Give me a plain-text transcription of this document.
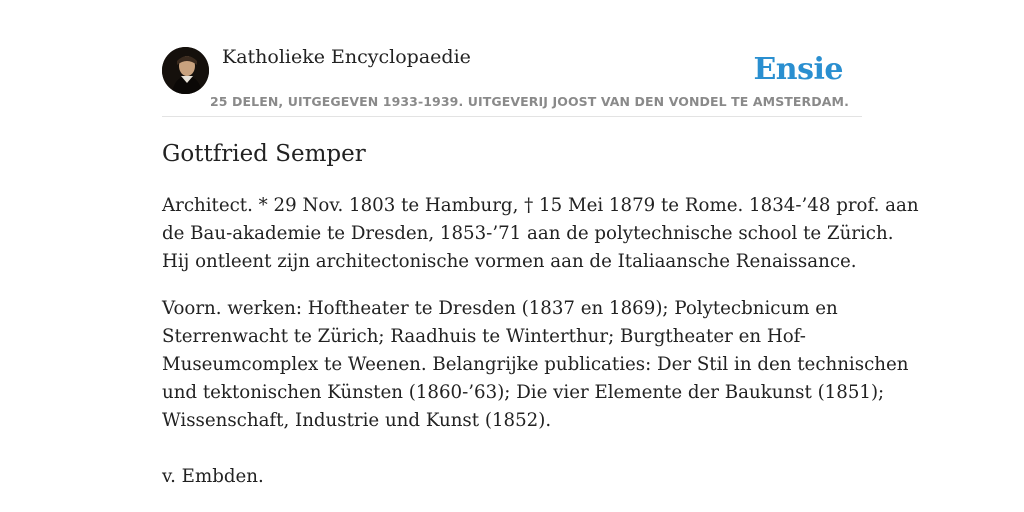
Katholieke Encyclopaedie	Ensie
25 DELEN, UITGEGEVEN 1933-1939. UITGEVERIJ JOOST VAN DEN VONDEL TE AMSTERDAM.
Gottfried Semper

Architect. * 29 Nov. 1803 te Hamburg, † 15 Mei 1879 te Rome. 1834-’48 prof. aan
de Bau-akademie te Dresden, 1853-’71 aan de polytechnische school te Zürich.
Hij ontleent zijn architectonische vormen aan de Italiaansche Renaissance.

Voorn. werken: Hoftheater te Dresden (1837 en 1869); Polytecbnicum en
Sterrenwacht te Zürich; Raadhuis te Winterthur; Burgtheater en Hof-
Museumcomplex te Weenen. Belangrijke publicaties: Der Stil in den technischen
und tektonischen Künsten (1860-’63); Die vier Elemente der Baukunst (1851);
Wissenschaft, Industrie und Kunst (1852).

v. Embden.
